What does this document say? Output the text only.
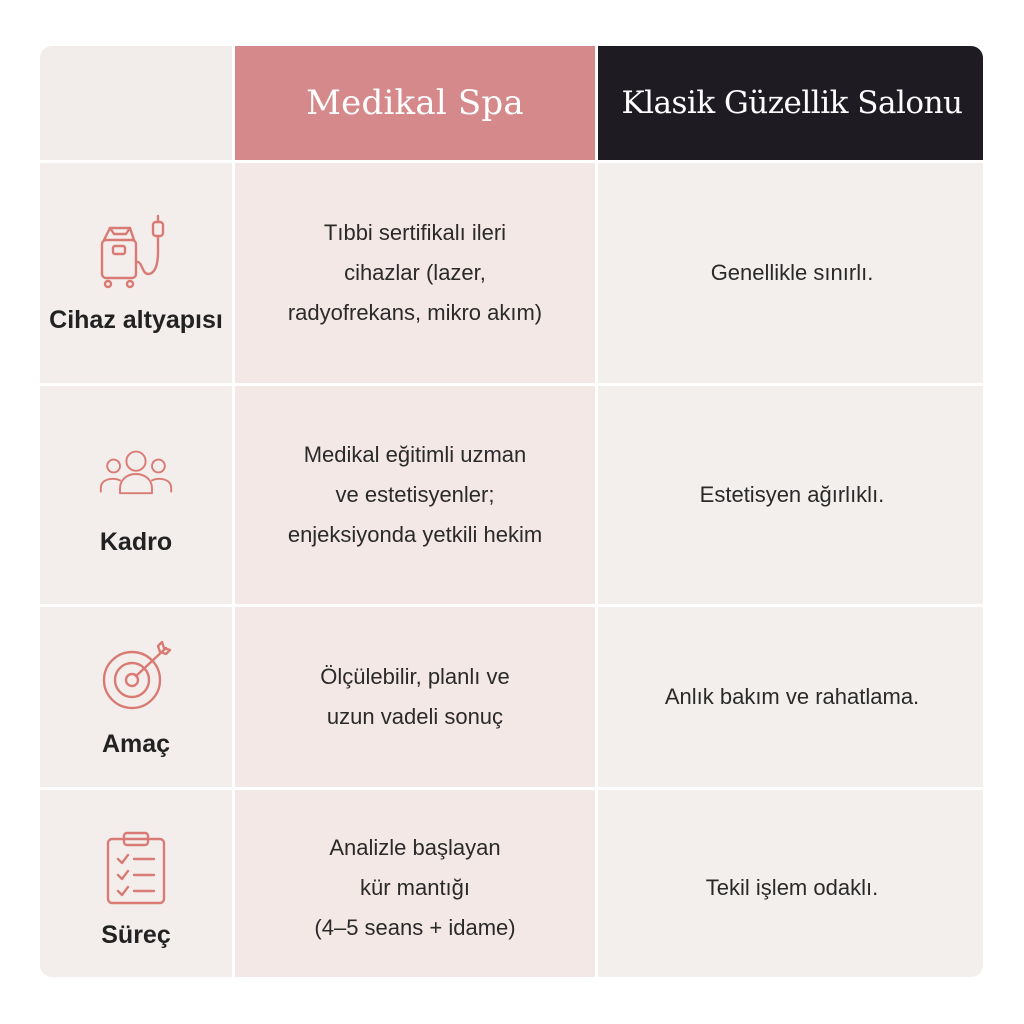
Medikal Spa	Klasik Güzellik Salonu
Cihaz altyapısı
Tıbbi sertifikalı ileri
cihazlar (lazer,
radyofrekans, mikro akım)
Genellikle sınırlı.
Kadro
Medikal eğitimli uzman
ve estetisyenler;
enjeksiyonda yetkili hekim
Estetisyen ağırlıklı.
Amaç
Ölçülebilir, planlı ve
uzun vadeli sonuç
Anlık bakım ve rahatlama.
Süreç
Analizle başlayan
kür mantığı
(4–5 seans + idame)
Tekil işlem odaklı.
